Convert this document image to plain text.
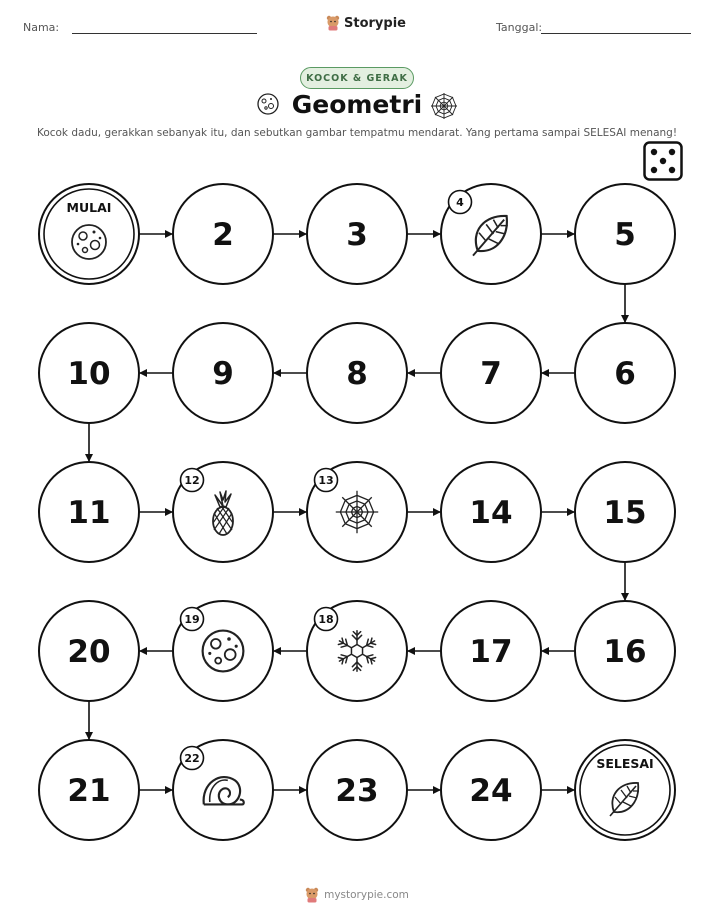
Nama:	Storypie	Tanggal:
KOCOK & GERAK
Geometri
Kocok dadu, gerakkan sebanyak itu, dan sebutkan gambar tempatmu mendarat. Yang pertama sampai SELESAI menang!
MULAI
2	3
4
5
6
7
8
9
10
11
12	13
14	15
16
17
18
19
20
21
22
23	24
SELESAI
mystorypie.com
